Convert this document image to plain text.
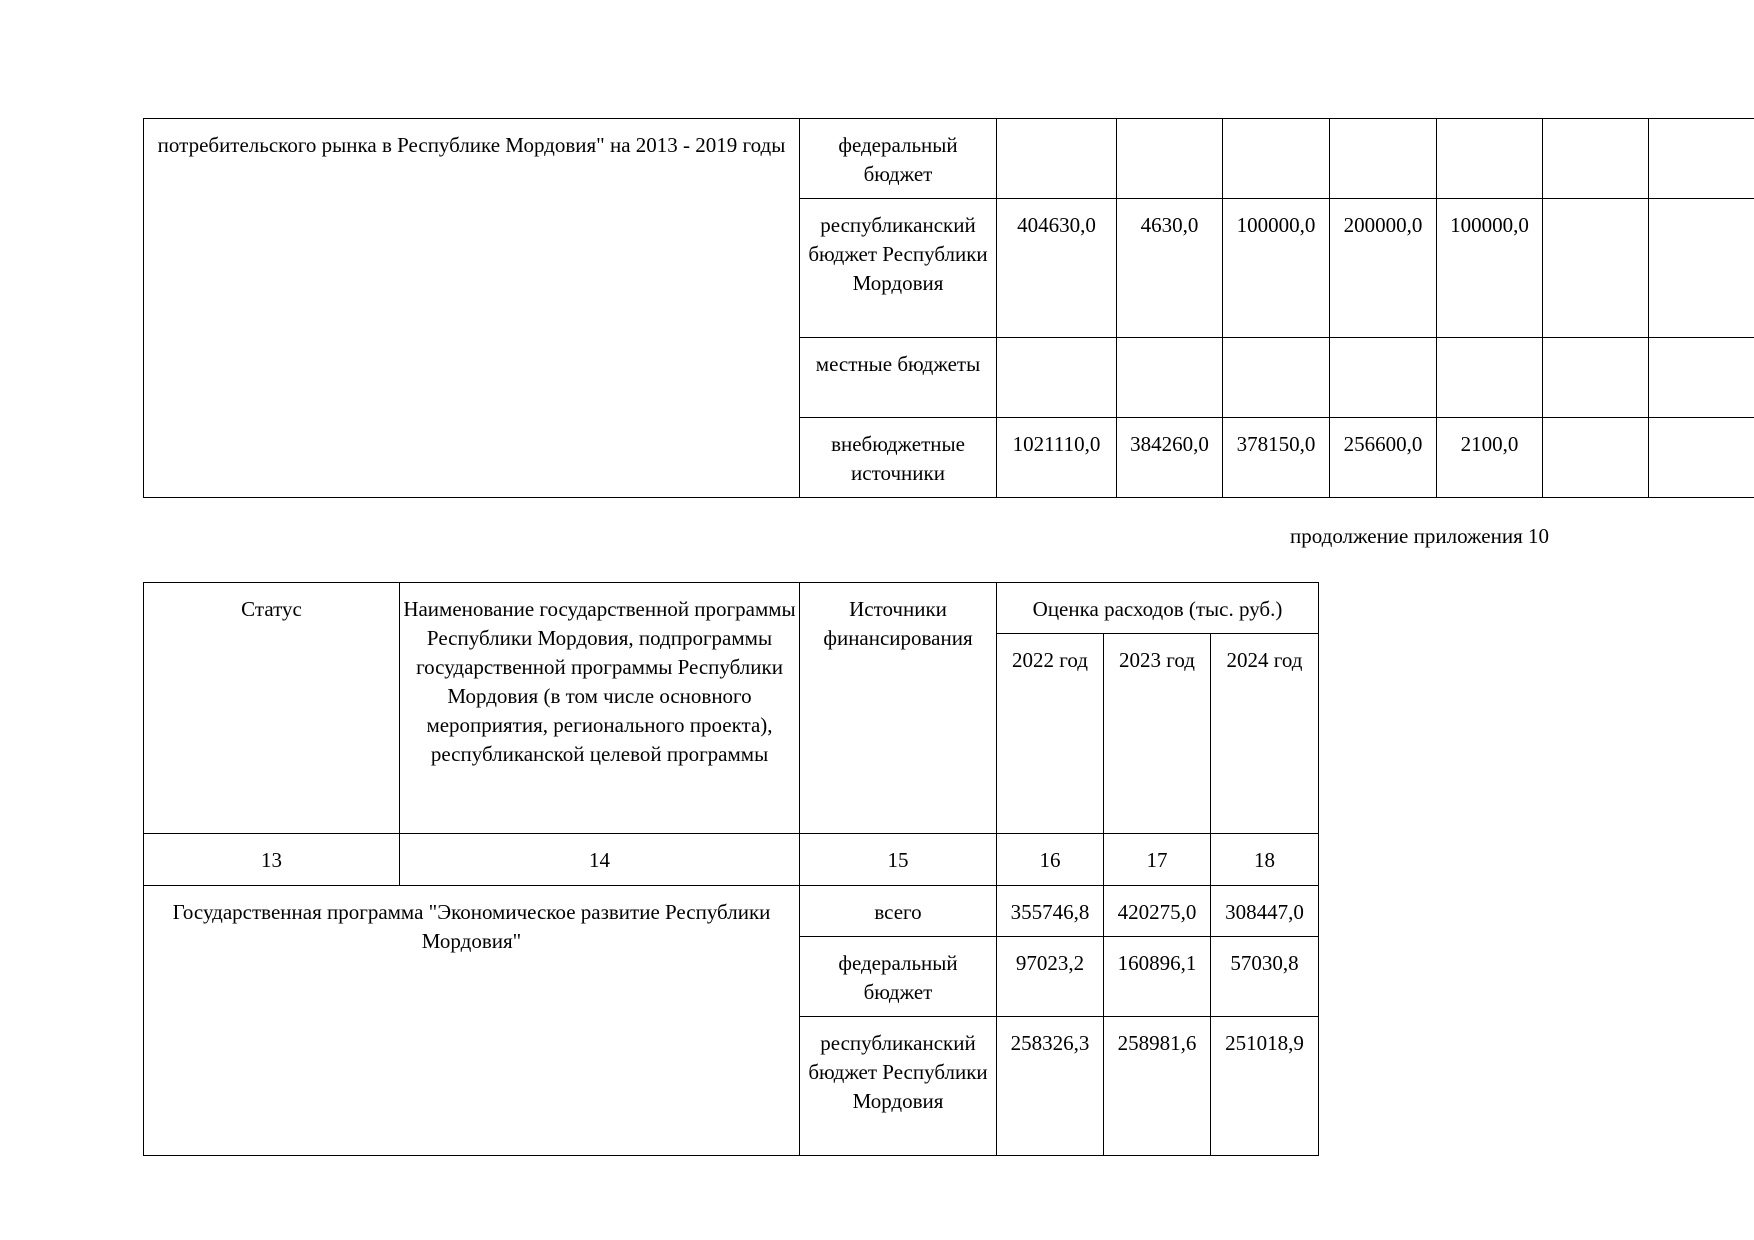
потребительского рынка в Республике Мордовия" на 2013 - 2019 годы	федеральный бюджет							
	республиканский бюджет Республики Мордовия	404630,0	4630,0	100000,0	200000,0	100000,0		
	местные бюджеты							
	внебюджетные источники	1021110,0	384260,0	378150,0	256600,0	2100,0		
продолжение приложения 10
Статус	Наименование государственной программы Республики Мордовия, подпрограммы государственной программы Республики Мордовия (в том числе основного мероприятия, регионального проекта), республиканской целевой программы	Источники финансирования	Оценка расходов (тыс. руб.)		
			2022 год	2023 год	2024 год
13	14	15	16	17	18
Государственная программа "Экономическое развитие Республики Мордовия"		всего	355746,8	420275,0	308447,0
		федеральный бюджет	97023,2	160896,1	57030,8
		республиканский бюджет Республики Мордовия	258326,3	258981,6	251018,9
